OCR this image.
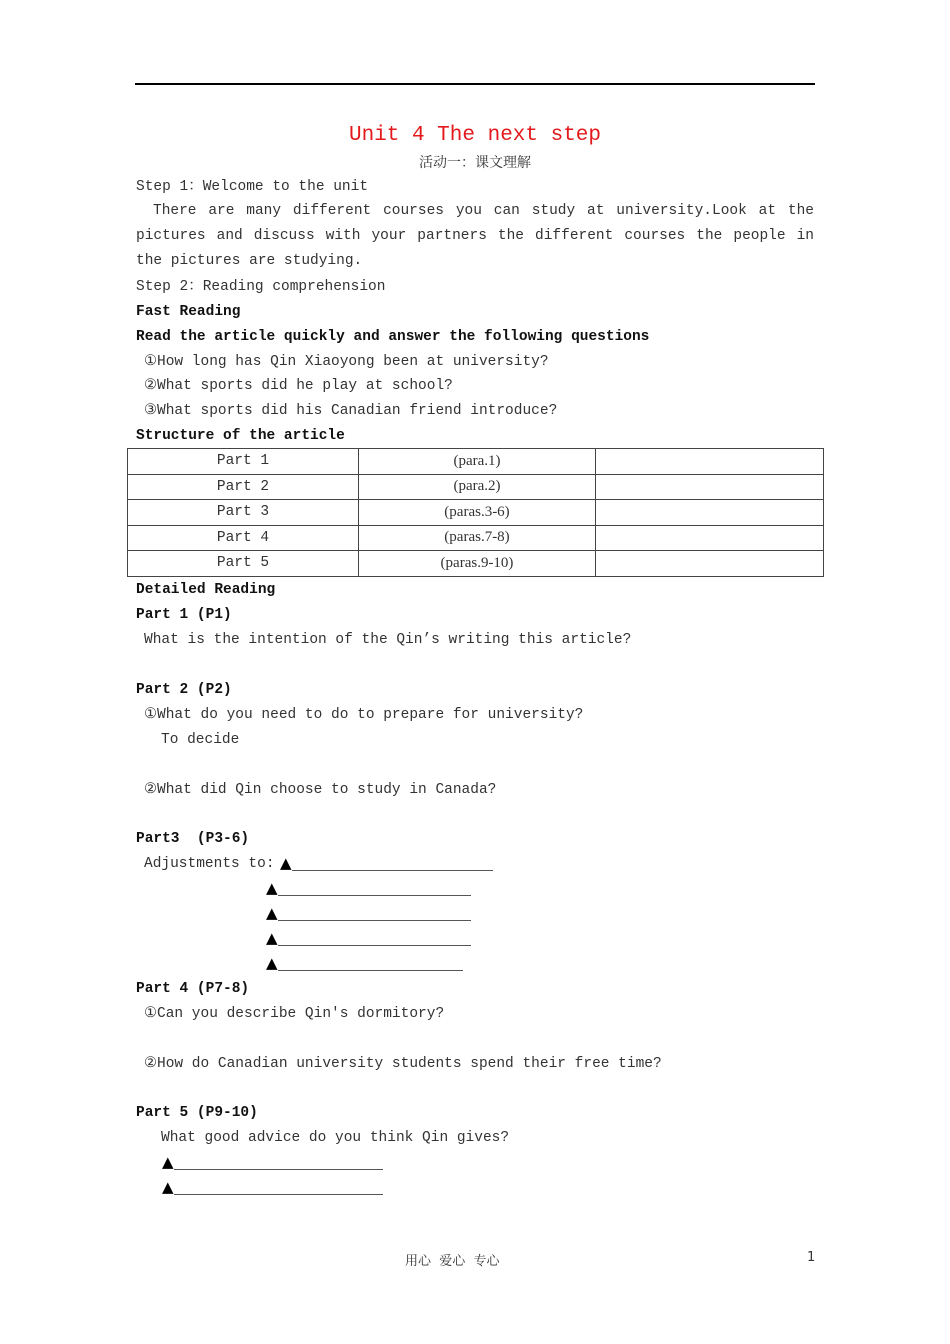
Unit 4 The next step
活动一：课文理解
Step 1：Welcome to the unit
There are many different courses you can study at university.Look at the pictures and discuss with your partners the different courses the people in the pictures are studying.
Step 2：Reading comprehension
Fast Reading
Read the article quickly and answer the following questions
①How long has Qin Xiaoyong been at university?
②What sports did he play at school?
③What sports did his Canadian friend introduce?
Structure of the article
Part 1	(para.1)	
Part 2	(para.2)	
Part 3	(paras.3-6)	
Part 4	(paras.7-8)	
Part 5	(paras.9-10)	
Detailed Reading
Part 1 (P1)
What is the intention of the Qin’s writing this article?
Part 2 (P2)
①What do you need to do to prepare for university?
To decide
②What did Qin choose to study in Canada?
Part3  (P3-6)
Adjustments to: ▲
▲
▲
▲
▲
Part 4 (P7-8)
①Can you describe Qin's dormitory?
②How do Canadian university students spend their free time?
Part 5 (P9-10)
What good advice do you think Qin gives?
▲
▲
用心  爱心  专心	1
